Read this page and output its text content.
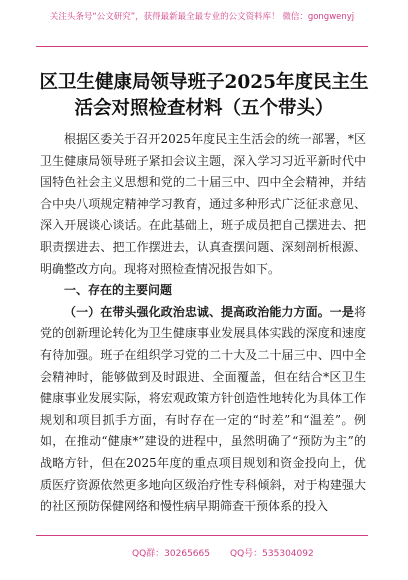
关注头条号“公文研究”，获得最新最全最专业的公文资料库！ 微信：gongwenyj
区卫生健康局领导班子2025年度民主生
活会对照检查材料（五个带头）

根据区委关于召开2025年度民主生活会的统一部署，*区卫生健康局领导班子紧扣会议主题，深入学习习近平新时代中国特色社会主义思想和党的二十届三中、四中全会精神，并结合中央八项规定精神学习教育，通过多种形式广泛征求意见、深入开展谈心谈话。在此基础上，班子成员把自己摆进去、把职责摆进去、把工作摆进去，认真查摆问题、深刻剖析根源、明确整改方向。现将对照检查情况报告如下。

一、存在的主要问题

（一）在带头强化政治忠诚、提高政治能力方面。一是将党的创新理论转化为卫生健康事业发展具体实践的深度和速度有待加强。班子在组织学习党的二十大及二十届三中、四中全会精神时，能够做到及时跟进、全面覆盖，但在结合*区卫生健康事业发展实际，将宏观政策方针创造性地转化为具体工作规划和项目抓手方面，有时存在一定的“时差”和“温差”。例如，在推动“健康*”建设的进程中，虽然明确了“预防为主”的战略方针，但在2025年度的重点项目规划和资金投向上，优质医疗资源依然更多地向区级治疗性专科倾斜，对于构建强大的社区预防保健网络和慢性病早期筛查干预体系的投入

QQ群：30265665 QQ号：535304092
